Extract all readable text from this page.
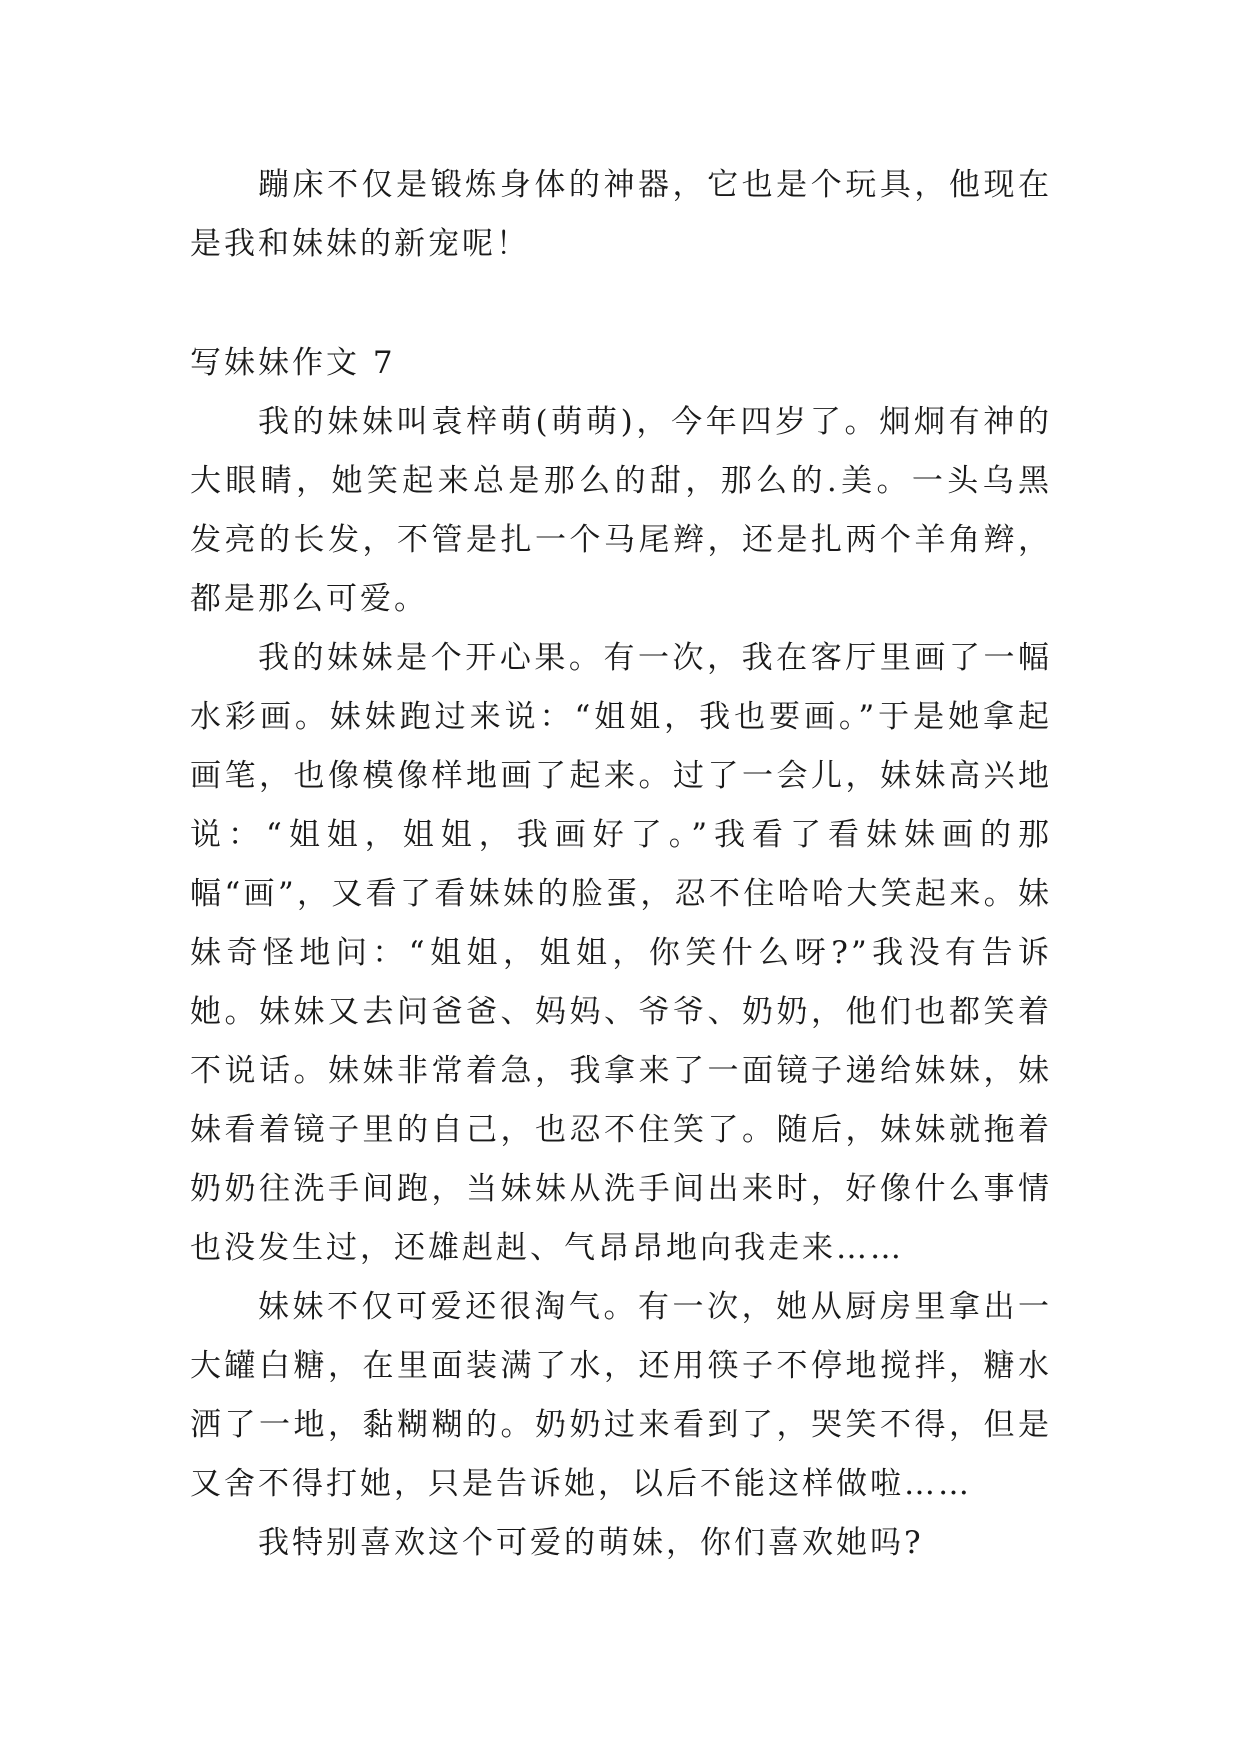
蹦床不仅是锻炼身体的神器，它也是个玩具，他现在是我和妹妹的新宠呢！

写妹妹作文 7

我的妹妹叫袁梓萌(萌萌)，今年四岁了。炯炯有神的大眼睛，她笑起来总是那么的甜，那么的.美。一头乌黑发亮的长发，不管是扎一个马尾辫，还是扎两个羊角辫，都是那么可爱。

我的妹妹是个开心果。有一次，我在客厅里画了一幅水彩画。妹妹跑过来说：“姐姐，我也要画。”于是她拿起画笔，也像模像样地画了起来。过了一会儿，妹妹高兴地说：“姐姐，姐姐，我画好了。”我看了看妹妹画的那幅“画”，又看了看妹妹的脸蛋，忍不住哈哈大笑起来。妹妹奇怪地问：“姐姐，姐姐，你笑什么呀?”我没有告诉她。妹妹又去问爸爸、妈妈、爷爷、奶奶，他们也都笑着不说话。妹妹非常着急，我拿来了一面镜子递给妹妹，妹妹看着镜子里的自己，也忍不住笑了。随后，妹妹就拖着奶奶往洗手间跑，当妹妹从洗手间出来时，好像什么事情也没发生过，还雄赳赳、气昂昂地向我走来……

妹妹不仅可爱还很淘气。有一次，她从厨房里拿出一大罐白糖，在里面装满了水，还用筷子不停地搅拌，糖水洒了一地，黏糊糊的。奶奶过来看到了，哭笑不得，但是又舍不得打她，只是告诉她，以后不能这样做啦……

我特别喜欢这个可爱的萌妹，你们喜欢她吗?
